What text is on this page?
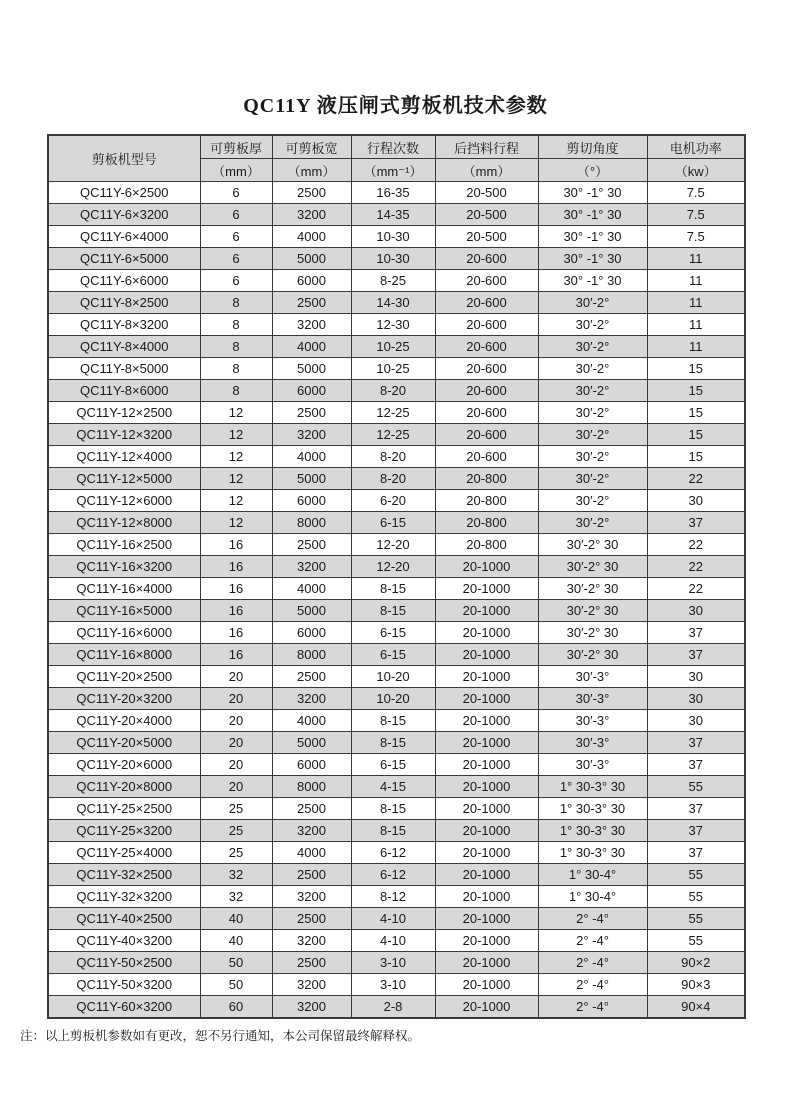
QC11Y 液压闸式剪板机技术参数
剪板机型号	可剪板厚	可剪板宽	行程次数	后挡料行程	剪切角度	电机功率
	（mm）	（mm）	（mm⁻¹）	（mm）	（°）	（kw）
QC11Y-6×2500	6	2500	16-35	20-500	30° -1° 30	7.5
QC11Y-6×3200	6	3200	14-35	20-500	30° -1° 30	7.5
QC11Y-6×4000	6	4000	10-30	20-500	30° -1° 30	7.5
QC11Y-6×5000	6	5000	10-30	20-600	30° -1° 30	11
QC11Y-6×6000	6	6000	8-25	20-600	30° -1° 30	11
QC11Y-8×2500	8	2500	14-30	20-600	30′-2°	11
QC11Y-8×3200	8	3200	12-30	20-600	30′-2°	11
QC11Y-8×4000	8	4000	10-25	20-600	30′-2°	11
QC11Y-8×5000	8	5000	10-25	20-600	30′-2°	15
QC11Y-8×6000	8	6000	8-20	20-600	30′-2°	15
QC11Y-12×2500	12	2500	12-25	20-600	30′-2°	15
QC11Y-12×3200	12	3200	12-25	20-600	30′-2°	15
QC11Y-12×4000	12	4000	8-20	20-600	30′-2°	15
QC11Y-12×5000	12	5000	8-20	20-800	30′-2°	22
QC11Y-12×6000	12	6000	6-20	20-800	30′-2°	30
QC11Y-12×8000	12	8000	6-15	20-800	30′-2°	37
QC11Y-16×2500	16	2500	12-20	20-800	30′-2° 30	22
QC11Y-16×3200	16	3200	12-20	20-1000	30′-2° 30	22
QC11Y-16×4000	16	4000	8-15	20-1000	30′-2° 30	22
QC11Y-16×5000	16	5000	8-15	20-1000	30′-2° 30	30
QC11Y-16×6000	16	6000	6-15	20-1000	30′-2° 30	37
QC11Y-16×8000	16	8000	6-15	20-1000	30′-2° 30	37
QC11Y-20×2500	20	2500	10-20	20-1000	30′-3°	30
QC11Y-20×3200	20	3200	10-20	20-1000	30′-3°	30
QC11Y-20×4000	20	4000	8-15	20-1000	30′-3°	30
QC11Y-20×5000	20	5000	8-15	20-1000	30′-3°	37
QC11Y-20×6000	20	6000	6-15	20-1000	30′-3°	37
QC11Y-20×8000	20	8000	4-15	20-1000	1° 30-3° 30	55
QC11Y-25×2500	25	2500	8-15	20-1000	1° 30-3° 30	37
QC11Y-25×3200	25	3200	8-15	20-1000	1° 30-3° 30	37
QC11Y-25×4000	25	4000	6-12	20-1000	1° 30-3° 30	37
QC11Y-32×2500	32	2500	6-12	20-1000	1° 30-4°	55
QC11Y-32×3200	32	3200	8-12	20-1000	1° 30-4°	55
QC11Y-40×2500	40	2500	4-10	20-1000	2° -4°	55
QC11Y-40×3200	40	3200	4-10	20-1000	2° -4°	55
QC11Y-50×2500	50	2500	3-10	20-1000	2° -4°	90×2
QC11Y-50×3200	50	3200	3-10	20-1000	2° -4°	90×3
QC11Y-60×3200	60	3200	2-8	20-1000	2° -4°	90×4

注：以上剪板机参数如有更改，恕不另行通知，本公司保留最终解释权。
